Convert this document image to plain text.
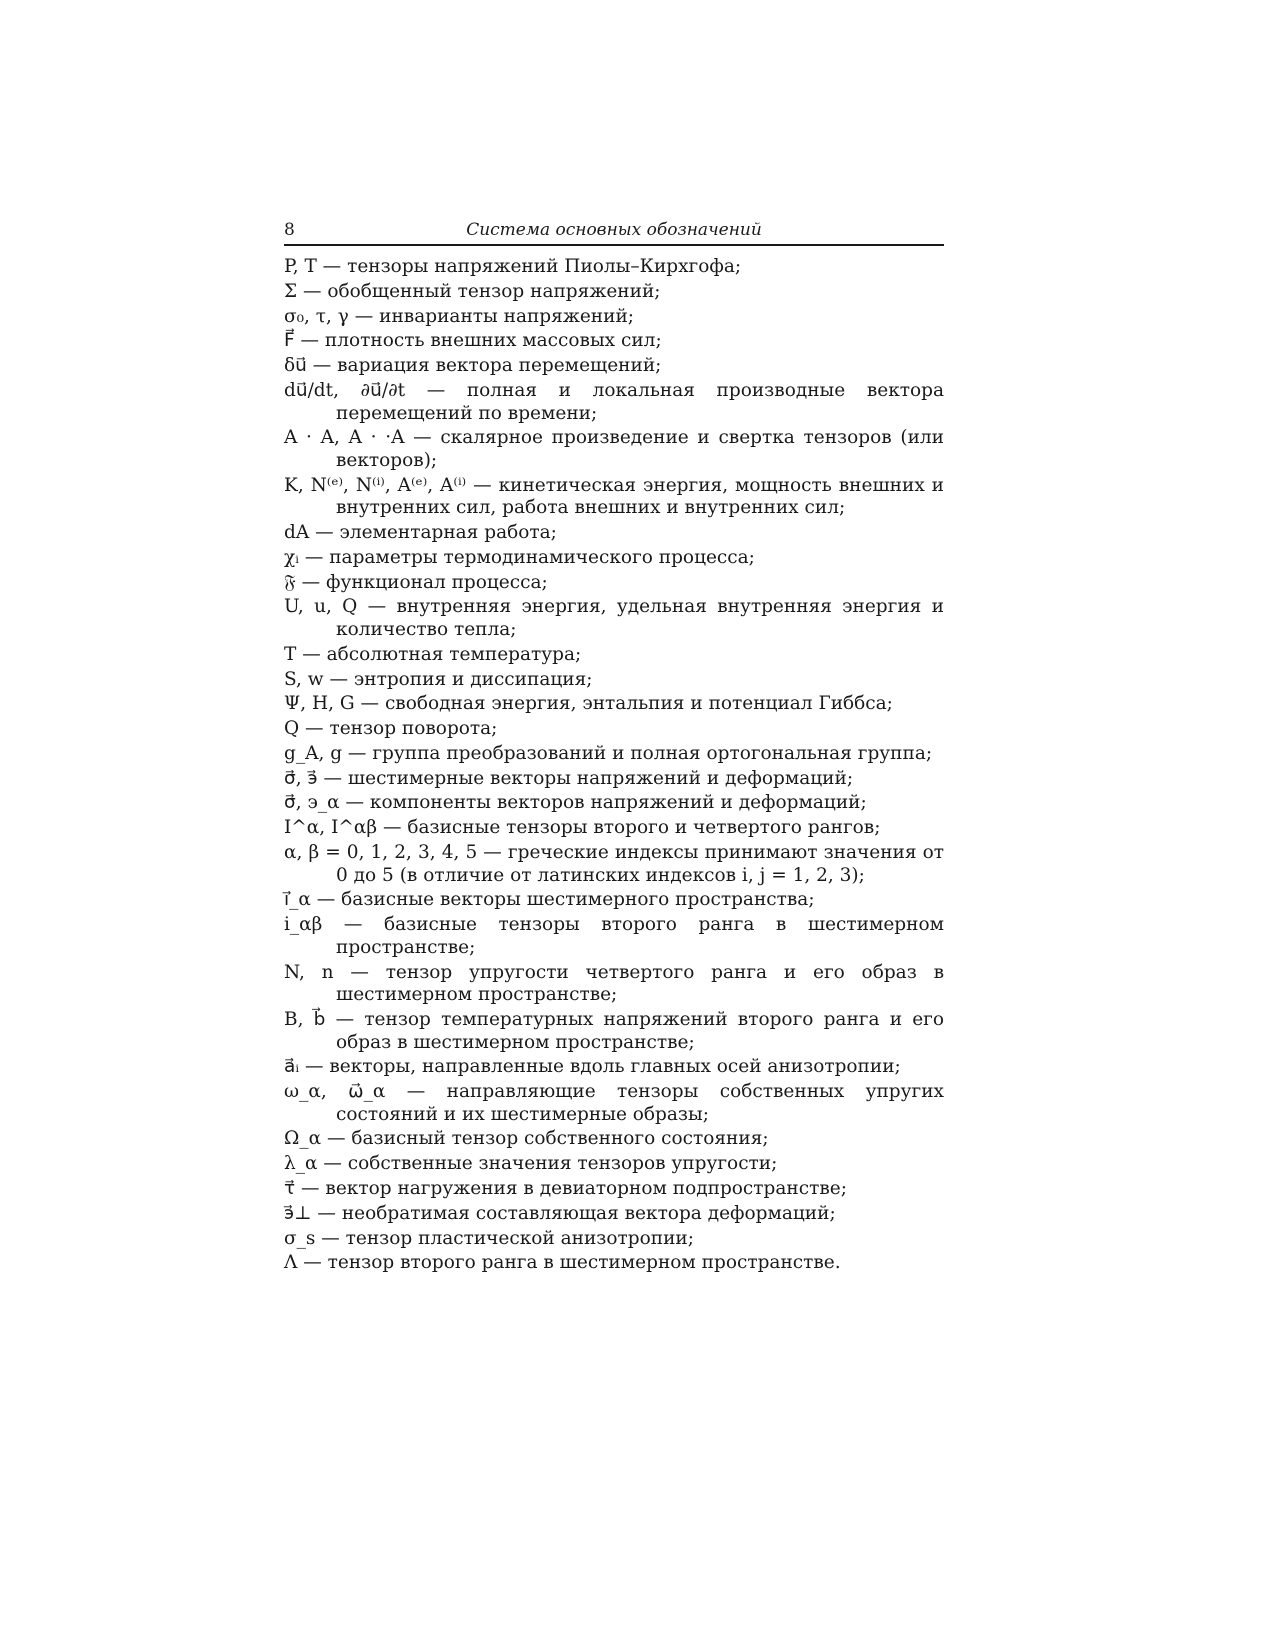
8	Система основных обозначений

P, T — тензоры напряжений Пиолы–Кирхгофа;

Σ — обобщенный тензор напряжений;

σ₀, τ, γ — инварианты напряжений;

F⃗ — плотность внешних массовых сил;

δu⃗ — вариация вектора перемещений;

du⃗/dt, ∂u⃗/∂t — полная и локальная производные вектора перемещений по времени;

A · A, A · ·A — скалярное произведение и свертка тензоров (или векторов);

K, N⁽ᵉ⁾, N⁽ⁱ⁾, A⁽ᵉ⁾, A⁽ⁱ⁾ — кинетическая энергия, мощность внешних и внутренних сил, работа внешних и внутренних сил;

dA — элементарная работа;

χᵢ — параметры термодинамического процесса;

𝔉 — функционал процесса;

U, u, Q — внутренняя энергия, удельная внутренняя энергия и количество тепла;

T — абсолютная температура;

S, w — энтропия и диссипация;

Ψ, H, G — свободная энергия, энтальпия и потенциал Гиббса;

Q — тензор поворота;

g_A, g — группа преобразований и полная ортогональная группа;

σ⃗, э⃗ — шестимерные векторы напряжений и деформаций;

σ⃗, э_α — компоненты векторов напряжений и деформаций;

I^α, I^αβ — базисные тензоры второго и четвертого рангов;

α, β = 0, 1, 2, 3, 4, 5 — греческие индексы принимают значения от 0 до 5 (в отличие от латинских индексов i, j = 1, 2, 3);

i⃗_α — базисные векторы шестимерного пространства;

i_αβ — базисные тензоры второго ранга в шестимерном пространстве;

N, n — тензор упругости четвертого ранга и его образ в шестимерном пространстве;

B, b⃗ — тензор температурных напряжений второго ранга и его образ в шестимерном пространстве;

a⃗ᵢ — векторы, направленные вдоль главных осей анизотропии;

ω_α, ω⃗_α — направляющие тензоры собственных упругих состояний и их шестимерные образы;

Ω_α — базисный тензор собственного состояния;

λ_α — собственные значения тензоров упругости;

τ⃗ — вектор нагружения в девиаторном подпространстве;

э⃗⊥ — необратимая составляющая вектора деформаций;

σ_s — тензор пластической анизотропии;

Λ — тензор второго ранга в шестимерном пространстве.
